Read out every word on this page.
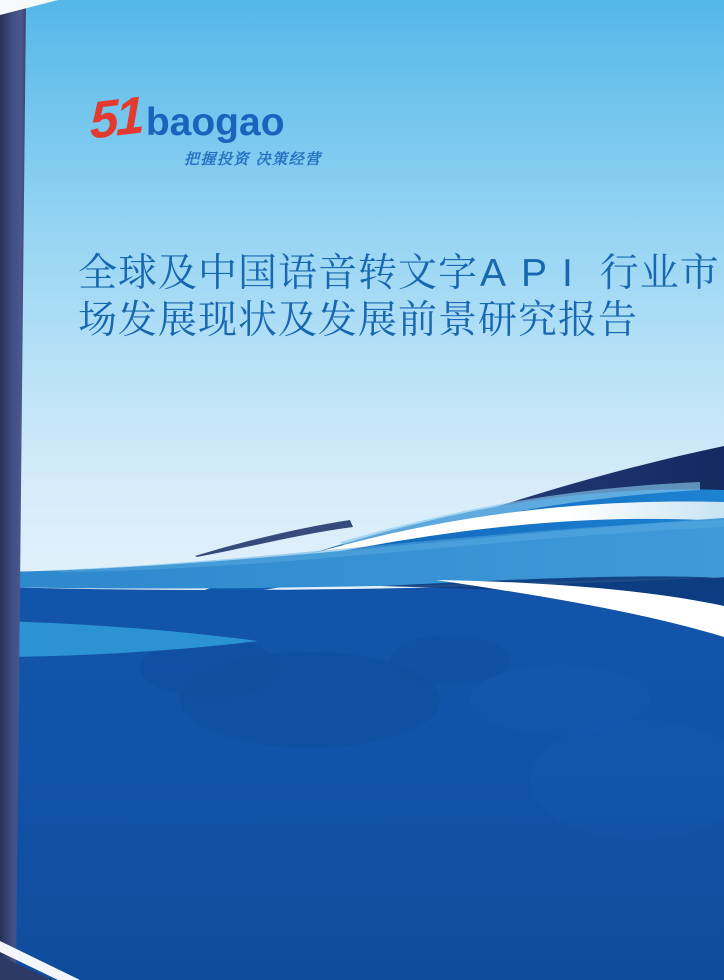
51 baogao
把握投资 决策经营
全球及中国语音转文字API 行业市
场发展现状及发展前景研究报告
